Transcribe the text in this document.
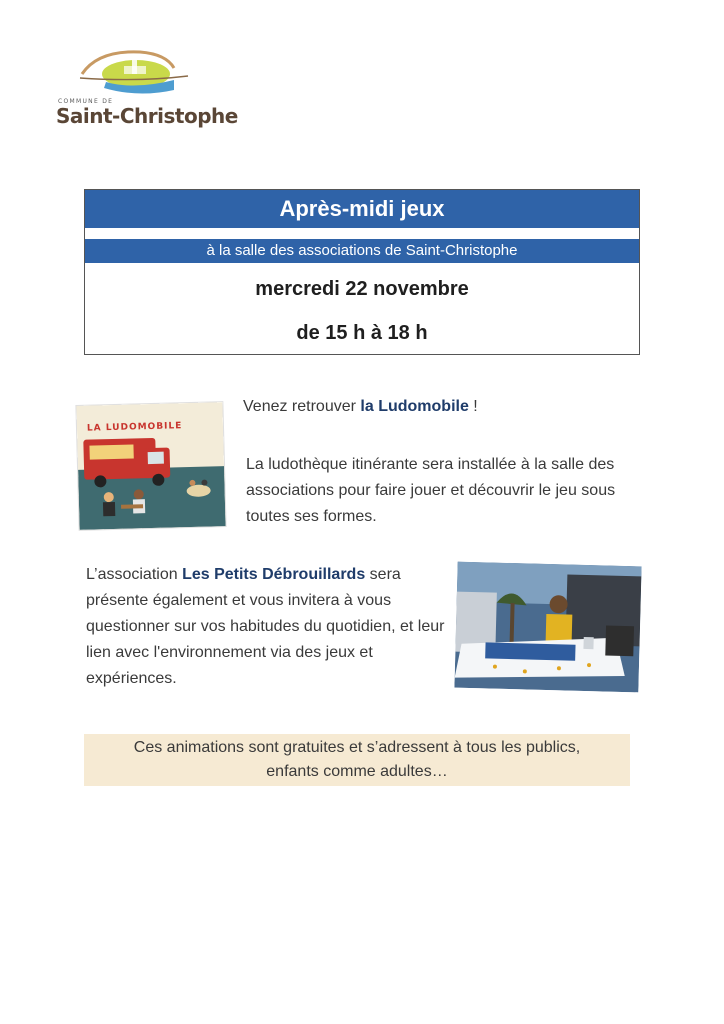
COMMUNE DE
Saint-Christophe
Après-midi jeux
à la salle des associations de Saint-Christophe
mercredi 22 novembre
de 15 h à 18 h
LA LUDOMOBILE
Venez retrouver la Ludomobile !
La ludothèque itinérante sera installée à la salle des associations pour faire jouer et découvrir le jeu sous toutes ses formes.
L’association Les Petits Débrouillards sera présente également et vous invitera à vous questionner sur vos habitudes du quotidien, et leur lien avec l'environnement via des jeux et expériences.
Ces animations sont gratuites et s’adressent à tous les publics,
enfants comme adultes…
